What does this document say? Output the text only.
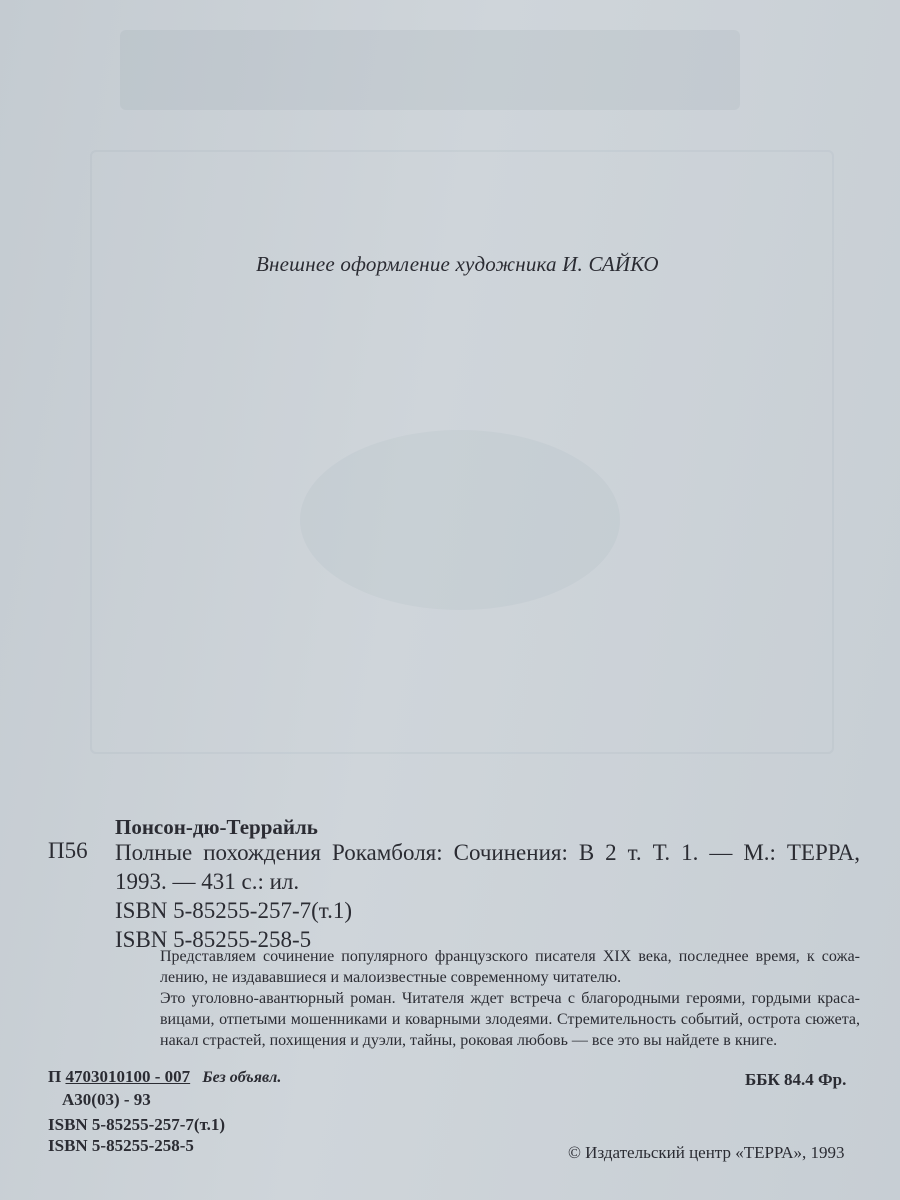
Внешнее оформление художника И. САЙКО
Понсон-дю-Террайль
П56 Полные похождения Рокамболя: Сочинения: В 2 т. Т. 1. — М.: ТЕРРА,
1993. — 431 с.: ил.
ISBN 5-85255-257-7(т.1)
ISBN 5-85255-258-5
Представляем сочинение популярного французского писателя XIX века, последнее время, к сожа-
лению, не издававшиеся и малоизвестные современному читателю.
Это уголовно-авантюрный роман. Читателя ждет встреча с благородными героями, гордыми краса-
вицами, отпетыми мошенниками и коварными злодеями. Стремительность событий, острота сюжета,
накал страстей, похищения и дуэли, тайны, роковая любовь — все это вы найдете в книге.
П 4703010100 - 007 Без объявл.
А30(03) - 93
ББК 84.4 Фр.
ISBN 5-85255-257-7(т.1)
ISBN 5-85255-258-5	© Издательский центр «ТЕРРА», 1993
